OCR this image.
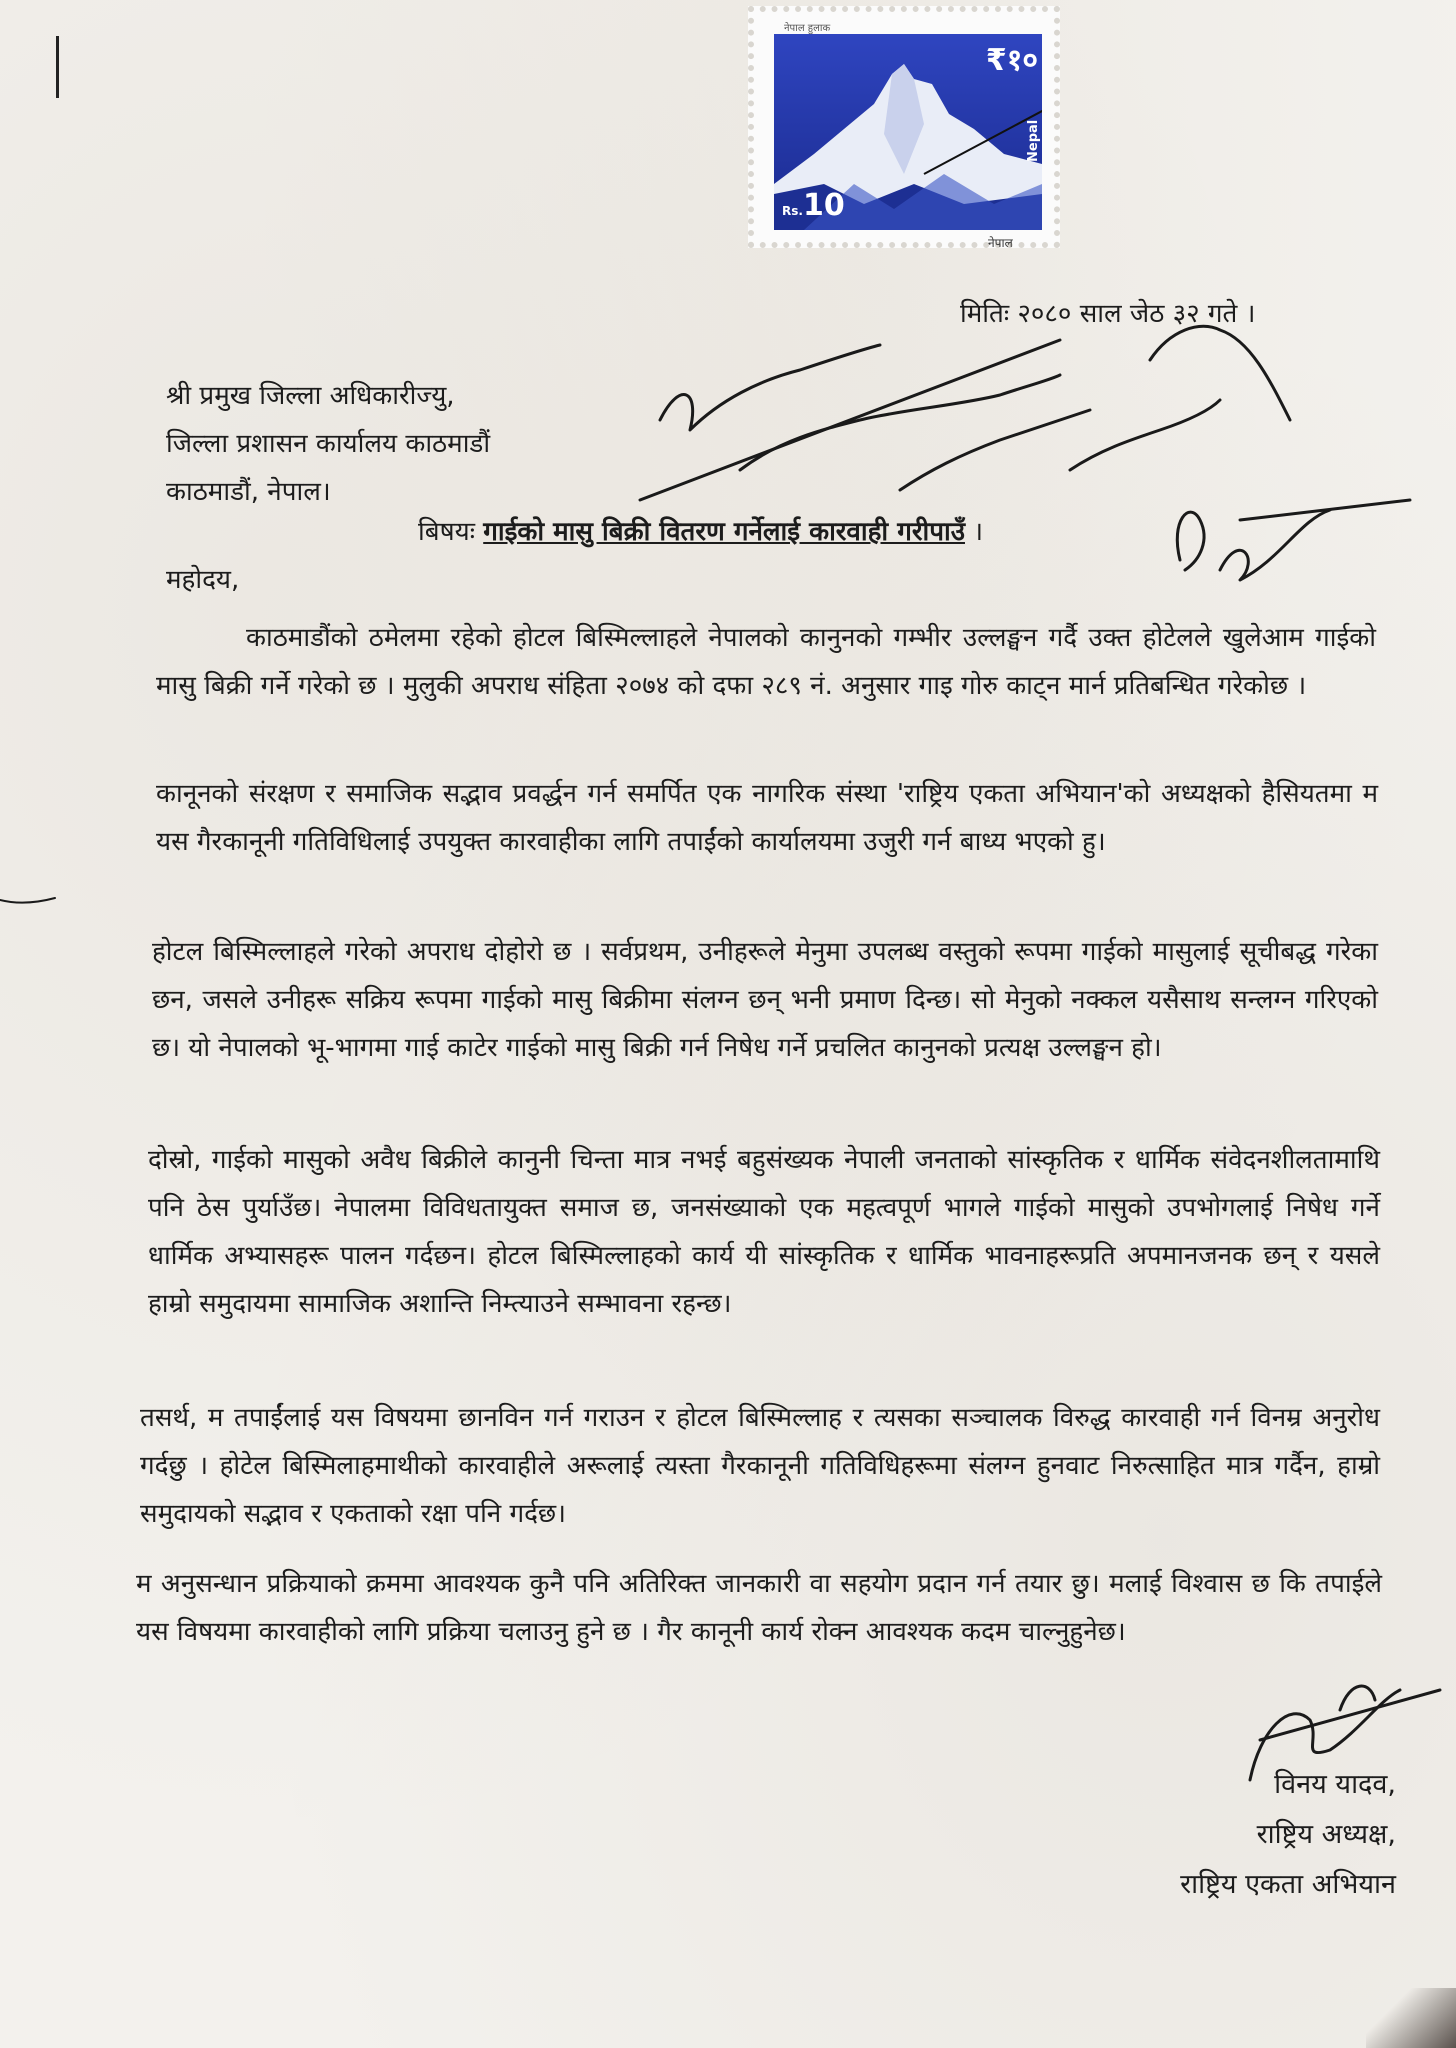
नेपाल हुलाक
₹१०
Rs.10
Nepal
नेपाल
मितिः २०८० साल जेठ ३२ गते ।
श्री प्रमुख जिल्ला अधिकारीज्यु,
जिल्ला प्रशासन कार्यालय काठमाडौं
काठमाडौं, नेपाल।
बिषयः गाईको मासु बिक्री वितरण गर्नेलाई कारवाही गरीपाउँ ।
महोदय,
काठमाडौंको ठमेलमा रहेको होटल बिस्मिल्लाहले नेपालको कानुनको गम्भीर उल्लङ्घन गर्दै उक्त होटेलले खुलेआम गाईको मासु बिक्री गर्ने गरेको छ । मुलुकी अपराध संहिता २०७४ को दफा २८९ नं. अनुसार गाइ गोरु काट्न मार्न प्रतिबन्धित गरेकोछ ।
कानूनको संरक्षण र समाजिक सद्भाव प्रवर्द्धन गर्न समर्पित एक नागरिक संस्था 'राष्ट्रिय एकता अभियान'को अध्यक्षको हैसियतमा म यस गैरकानूनी गतिविधिलाई उपयुक्त कारवाहीका लागि तपाईंको कार्यालयमा उजुरी गर्न बाध्य भएको हु।
होटल बिस्मिल्लाहले गरेको अपराध दोहोरो छ । सर्वप्रथम, उनीहरूले मेनुमा उपलब्ध वस्तुको रूपमा गाईको मासुलाई सूचीबद्ध गरेका छन, जसले उनीहरू सक्रिय रूपमा गाईको मासु बिक्रीमा संलग्न छन् भनी प्रमाण दिन्छ। सो मेनुको नक्कल यसैसाथ सन्लग्न गरिएको छ। यो नेपालको भू-भागमा गाई काटेर गाईको मासु बिक्री गर्न निषेध गर्ने प्रचलित कानुनको प्रत्यक्ष उल्लङ्घन हो।
दोस्रो, गाईको मासुको अवैध बिक्रीले कानुनी चिन्ता मात्र नभई बहुसंख्यक नेपाली जनताको सांस्कृतिक र धार्मिक संवेदनशीलतामाथि पनि ठेस पुर्याउँछ। नेपालमा विविधतायुक्त समाज छ, जनसंख्याको एक महत्वपूर्ण भागले गाईको मासुको उपभोगलाई निषेध गर्ने धार्मिक अभ्यासहरू पालन गर्दछन। होटल बिस्मिल्लाहको कार्य यी सांस्कृतिक र धार्मिक भावनाहरूप्रति अपमानजनक छन् र यसले हाम्रो समुदायमा सामाजिक अशान्ति निम्त्याउने सम्भावना रहन्छ।
तसर्थ, म तपाईंलाई यस विषयमा छानविन गर्न गराउन र होटल बिस्मिल्लाह र त्यसका सञ्चालक विरुद्ध कारवाही गर्न विनम्र अनुरोध गर्दछु । होटेल बिस्मिलाहमाथीको कारवाहीले अरूलाई त्यस्ता गैरकानूनी गतिविधिहरूमा संलग्न हुनवाट निरुत्साहित मात्र गर्दैन, हाम्रो समुदायको सद्भाव र एकताको रक्षा पनि गर्दछ।
म अनुसन्धान प्रक्रियाको क्रममा आवश्यक कुनै पनि अतिरिक्त जानकारी वा सहयोग प्रदान गर्न तयार छु। मलाई विश्वास छ कि तपाईले यस विषयमा कारवाहीको लागि प्रक्रिया चलाउनु हुने छ । गैर कानूनी कार्य रोक्न आवश्यक कदम चाल्नुहुनेछ।
विनय यादव,
राष्ट्रिय अध्यक्ष,
राष्ट्रिय एकता अभियान
